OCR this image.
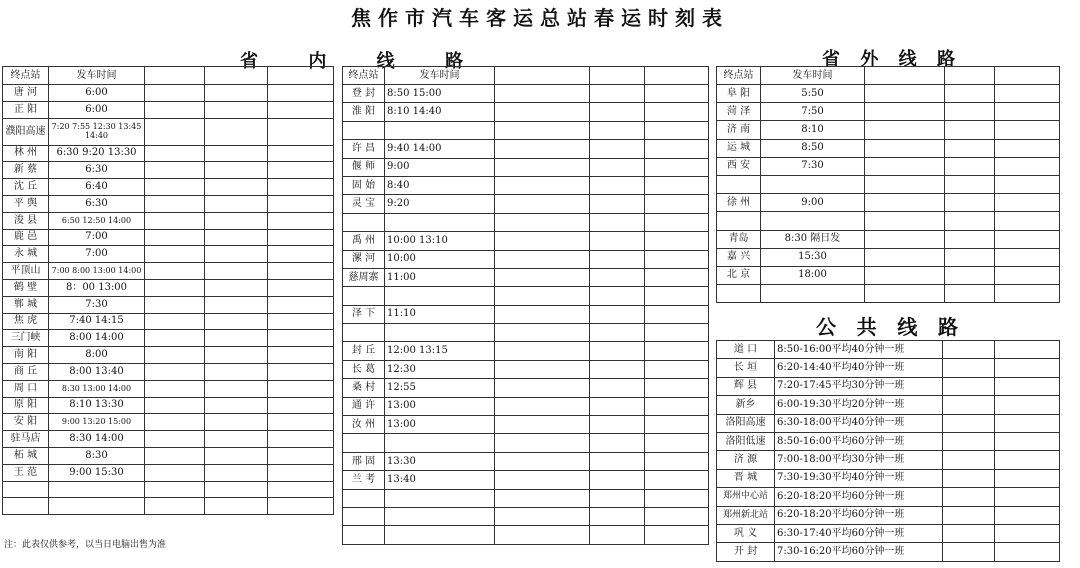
焦作市汽车客运总站春运时刻表
省	内	线	路	省 外 线 路
公 共 线 路
终点站	发车时间			
唐 河	6:00			
正 阳	6:00			
濮阳高速	7:20 7:55 12:30 13:45 14:40			
林 州	6:30 9:20 13:30			
新 蔡	6:30			
沈 丘	6:40			
平 舆	6:30			
浚 县	6:50 12:50 14:00			
鹿 邑	7:00			
永 城	7:00			
平顶山	7:00 8:00 13:00 14:00			
鹤 壁	8：00 13:00			
郸 城	7:30			
焦 虎	7:40 14:15			
三门峡	8:00 14:00			
南 阳	8:00			
商 丘	8:00 13:40			
周 口	8:30 13:00 14:00			
原 阳	8:10 13:30			
安 阳	9:00 13:20 15:00			
驻马店	8:30 14:00			
柘 城	8:30			
王 范	9:00 15:30			

终点站	发车时间			
登 封	8:50 15:00			
淮 阳	8:10 14:40			

许 昌	9:40 14:00			
偃 师	9:00			
固 始	8:40			
灵 宝	9:20			

禹 州	10:00 13:10			
漯 河	10:00			
慈周寨	11:00			

泽 下	11:10			

封 丘	12:00 13:15			
长 葛	12:30			
桑 村	12:55			
通 许	13:00			
汝 州	13:00			

邢 固	13:30			
兰 考	13:40			

终点站	发车时间			
阜 阳	5:50			
菏 泽	7:50			
济 南	8:10			
运 城	8:50			
西 安	7:30			

徐 州	9:00			

青岛	8:30 隔日发			
嘉 兴	15:30			
北 京	18:00			

道 口	8:50-16:00平均40分钟一班		
长 垣	6:20-14:40平均40分钟一班		
辉 县	7:20-17:45平均30分钟一班		
新乡	6:00-19:30平均20分钟一班		
洛阳高速	6:30-18:00平均40分钟一班		
洛阳低速	8:50-16:00平均60分钟一班		
济 源	7:00-18:00平均30分钟一班		
晋 城	7:30-19:30平均40分钟一班		
郑州中心站	6:20-18:20平均60分钟一班		
郑州新北站	6:20-18:20平均60分钟一班		
巩 义	6:30-17:40平均60分钟一班		
开 封	7:30-16:20平均60分钟一班		
注：此表仅供参考，以当日电脑出售为准
